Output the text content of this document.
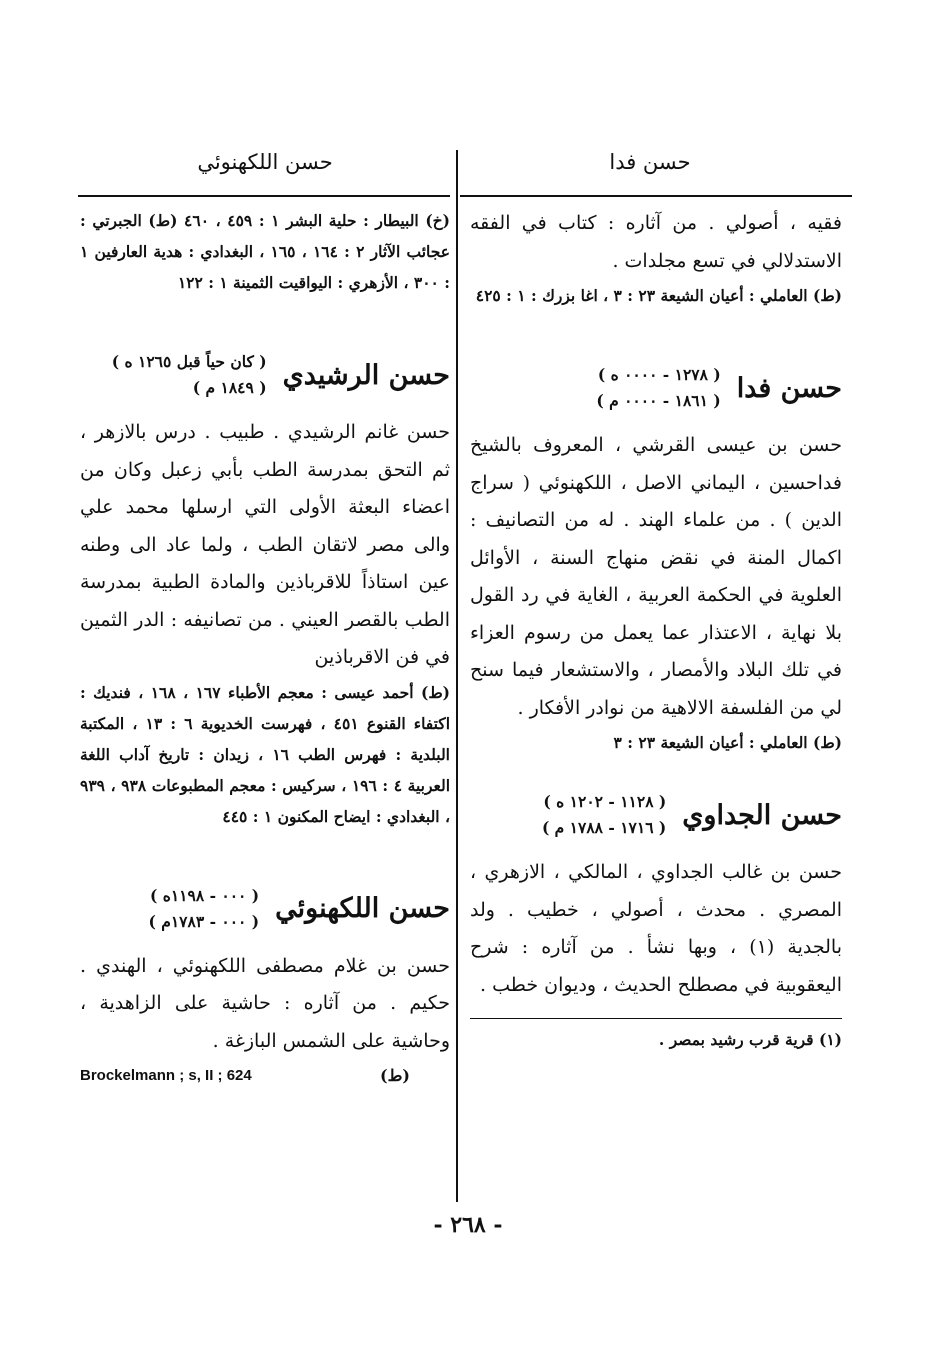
حسن فدا
حسن اللكهنوئي

فقيه ، أصولي . من آثاره : كتاب في الفقه الاستدلالي في تسع مجلدات .

(ط) العاملي : أعيان الشيعة ٢٣ : ٣ ، اغا بزرك : ١ : ٤٢٥

حسن فدا
( ١٢٧٨ - ٠٠٠٠ ه )
( ١٨٦١ - ٠٠٠٠ م )

حسن بن عيسى القرشي ، المعروف بالشيخ فداحسين ، اليماني الاصل ، اللكهنوئي ( سراج الدين ) . من علماء الهند . له من التصانيف : اكمال المنة في نقض منهاج السنة ، الأوائل العلوية في الحكمة العربية ، الغاية في رد القول بلا نهاية ، الاعتذار عما يعمل من رسوم العزاء في تلك البلاد والأمصار ، والاستشعار فيما سنح لي من الفلسفة الالاهية من نوادر الأفكار .

(ط) العاملي : أعيان الشيعة ٢٣ : ٣

حسن الجداوي
( ١١٢٨ - ١٢٠٢ ه )
( ١٧١٦ - ١٧٨٨ م )

حسن بن غالب الجداوي ، المالكي ، الازهري ، المصري . محدث ، أصولي ، خطيب . ولد بالجدية (١) ، وبها نشأ . من آثاره : شرح اليعقوبية في مصطلح الحديث ، وديوان خطب .

(١) قرية قرب رشيد بمصر .

(خ) البيطار : حلية البشر ١ : ٤٥٩ ، ٤٦٠ (ط) الجبرتي : عجائب الآثار ٢ : ١٦٤ ، ١٦٥ ، البغدادي : هدية العارفين ١ : ٣٠٠ ، الأزهري : اليواقيت الثمينة ١ : ١٢٢

حسن الرشيدي
( كان حياً قبل ١٢٦٥ ه )
( ١٨٤٩ م )

حسن غانم الرشيدي . طبيب . درس بالازهر ، ثم التحق بمدرسة الطب بأبي زعبل وكان من اعضاء البعثة الأولى التي ارسلها محمد علي والى مصر لاتقان الطب ، ولما عاد الى وطنه عين استاذاً للاقرباذين والمادة الطبية بمدرسة الطب بالقصر العيني . من تصانيفه : الدر الثمين في فن الاقرباذين

(ط) أحمد عيسى : معجم الأطباء ١٦٧ ، ١٦٨ ، فنديك : اكتفاء القنوع ٤٥١ ، فهرست الخديوية ٦ : ١٣ ، المكتبة البلدية : فهرس الطب ١٦ ، زيدان : تاريخ آداب اللغة العربية ٤ : ١٩٦ ، سركيس : معجم المطبوعات ٩٣٨ ، ٩٣٩ ، البغدادي : ايضاح المكنون ١ : ٤٤٥

حسن اللكهنوئي
( ٠٠٠ - ١١٩٨ه )
( ٠٠٠ - ١٧٨٣م )

حسن بن غلام مصطفى اللكهنوئي ، الهندي . حكيم . من آثاره : حاشية على الزاهدية ، وحاشية على الشمس البازغة .

Brockelmann ; s, II ; 624	(ط)
- ٢٦٨ -
